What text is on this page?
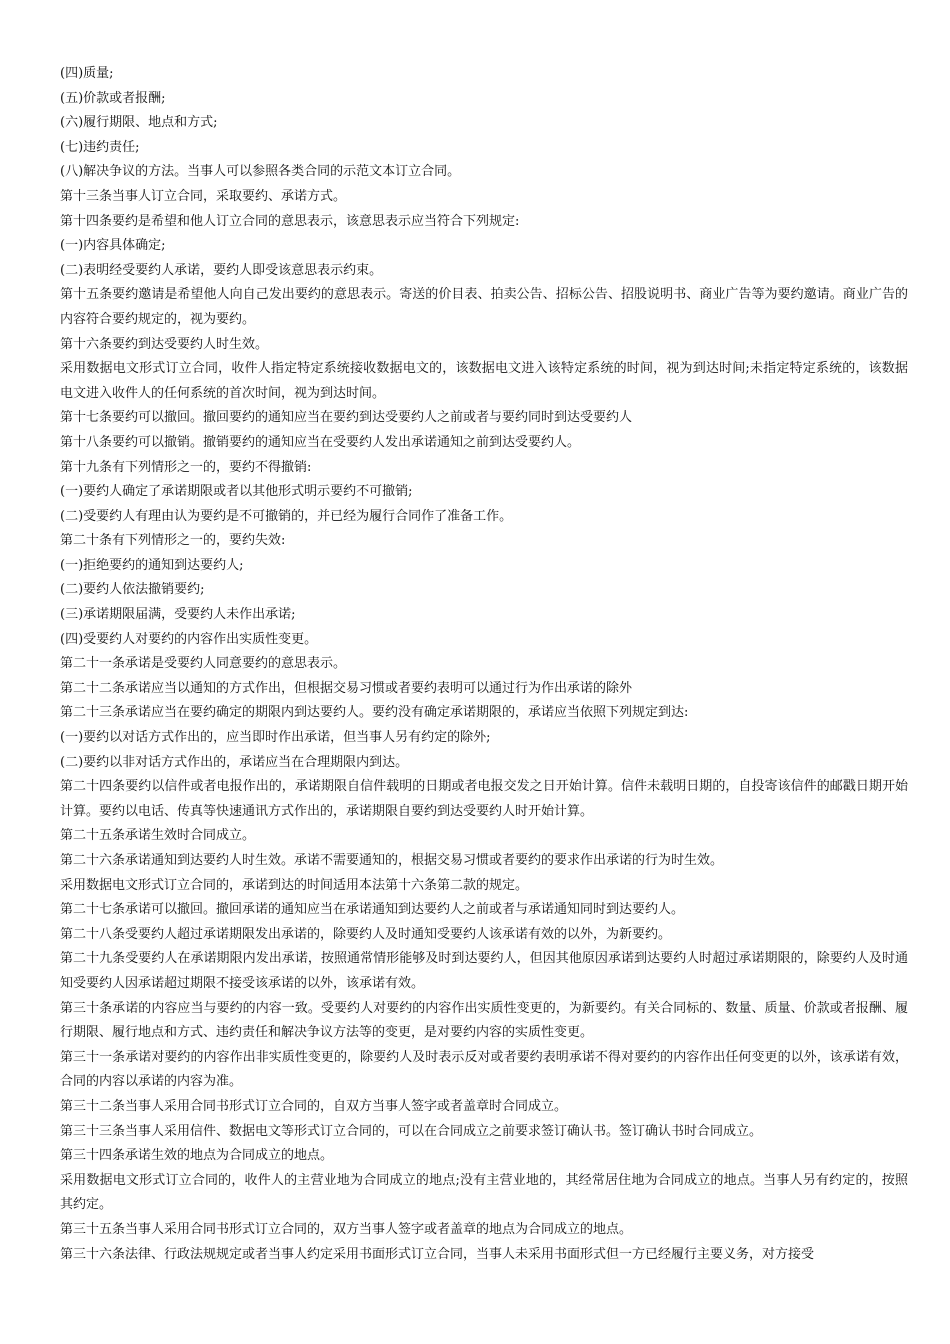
(四)质量;

(五)价款或者报酬;

(六)履行期限、地点和方式;

(七)违约责任;

(八)解决争议的方法。当事人可以参照各类合同的示范文本订立合同。

第十三条当事人订立合同，采取要约、承诺方式。

第十四条要约是希望和他人订立合同的意思表示，该意思表示应当符合下列规定:

(一)内容具体确定;

(二)表明经受要约人承诺，要约人即受该意思表示约束。

第十五条要约邀请是希望他人向自己发出要约的意思表示。寄送的价目表、拍卖公告、招标公告、招股说明书、商业广告等为要约邀请。商业广告的内容符合要约规定的，视为要约。

第十六条要约到达受要约人时生效。

采用数据电文形式订立合同，收件人指定特定系统接收数据电文的，该数据电文进入该特定系统的时间，视为到达时间;未指定特定系统的，该数据电文进入收件人的任何系统的首次时间，视为到达时间。

第十七条要约可以撤回。撤回要约的通知应当在要约到达受要约人之前或者与要约同时到达受要约人

第十八条要约可以撤销。撤销要约的通知应当在受要约人发出承诺通知之前到达受要约人。

第十九条有下列情形之一的，要约不得撤销:

(一)要约人确定了承诺期限或者以其他形式明示要约不可撤销;

(二)受要约人有理由认为要约是不可撤销的，并已经为履行合同作了准备工作。

第二十条有下列情形之一的，要约失效:

(一)拒绝要约的通知到达要约人;

(二)要约人依法撤销要约;

(三)承诺期限届满，受要约人未作出承诺;

(四)受要约人对要约的内容作出实质性变更。

第二十一条承诺是受要约人同意要约的意思表示。

第二十二条承诺应当以通知的方式作出，但根据交易习惯或者要约表明可以通过行为作出承诺的除外

第二十三条承诺应当在要约确定的期限内到达要约人。要约没有确定承诺期限的，承诺应当依照下列规定到达:

(一)要约以对话方式作出的，应当即时作出承诺，但当事人另有约定的除外;

(二)要约以非对话方式作出的，承诺应当在合理期限内到达。

第二十四条要约以信件或者电报作出的，承诺期限自信件载明的日期或者电报交发之日开始计算。信件未载明日期的，自投寄该信件的邮戳日期开始计算。要约以电话、传真等快速通讯方式作出的，承诺期限自要约到达受要约人时开始计算。

第二十五条承诺生效时合同成立。

第二十六条承诺通知到达要约人时生效。承诺不需要通知的，根据交易习惯或者要约的要求作出承诺的行为时生效。

采用数据电文形式订立合同的，承诺到达的时间适用本法第十六条第二款的规定。

第二十七条承诺可以撤回。撤回承诺的通知应当在承诺通知到达要约人之前或者与承诺通知同时到达要约人。

第二十八条受要约人超过承诺期限发出承诺的，除要约人及时通知受要约人该承诺有效的以外，为新要约。

第二十九条受要约人在承诺期限内发出承诺，按照通常情形能够及时到达要约人，但因其他原因承诺到达要约人时超过承诺期限的，除要约人及时通知受要约人因承诺超过期限不接受该承诺的以外，该承诺有效。

第三十条承诺的内容应当与要约的内容一致。受要约人对要约的内容作出实质性变更的，为新要约。有关合同标的、数量、质量、价款或者报酬、履行期限、履行地点和方式、违约责任和解决争议方法等的变更，是对要约内容的实质性变更。

第三十一条承诺对要约的内容作出非实质性变更的，除要约人及时表示反对或者要约表明承诺不得对要约的内容作出任何变更的以外，该承诺有效，合同的内容以承诺的内容为准。

第三十二条当事人采用合同书形式订立合同的，自双方当事人签字或者盖章时合同成立。

第三十三条当事人采用信件、数据电文等形式订立合同的，可以在合同成立之前要求签订确认书。签订确认书时合同成立。

第三十四条承诺生效的地点为合同成立的地点。

采用数据电文形式订立合同的，收件人的主营业地为合同成立的地点;没有主营业地的，其经常居住地为合同成立的地点。当事人另有约定的，按照其约定。

第三十五条当事人采用合同书形式订立合同的，双方当事人签字或者盖章的地点为合同成立的地点。

第三十六条法律、行政法规规定或者当事人约定采用书面形式订立合同，当事人未采用书面形式但一方已经履行主要义务，对方接受
